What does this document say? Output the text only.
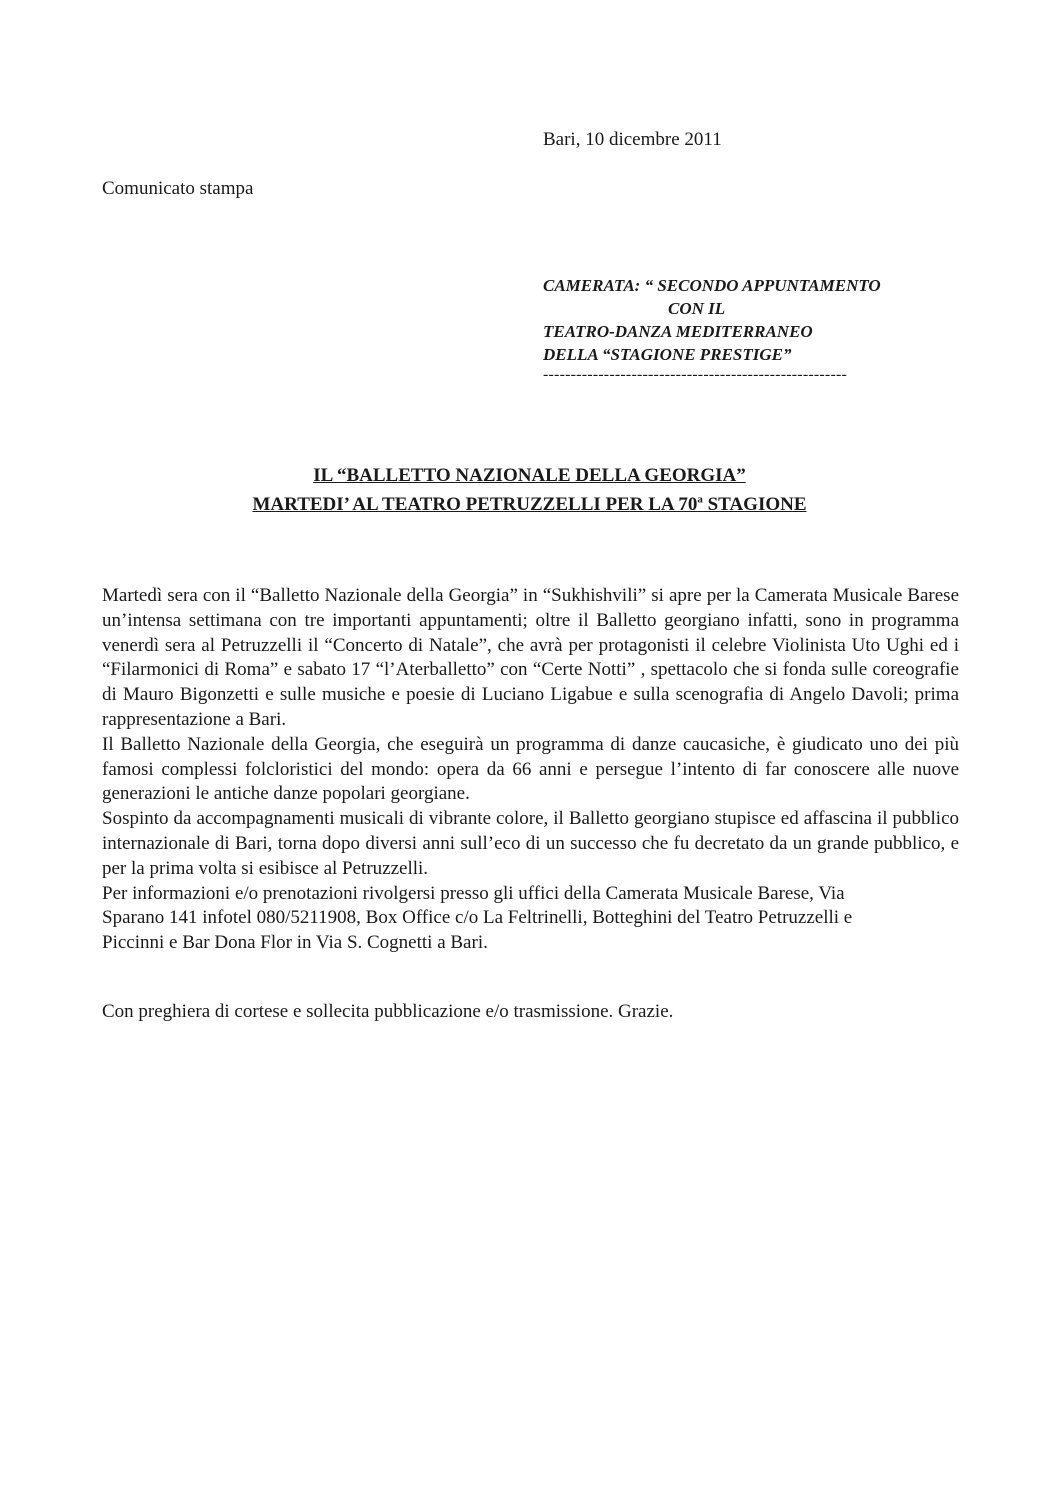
Bari, 10 dicembre 2011
Comunicato stampa
CAMERATA: “ SECONDO APPUNTAMENTO
CON IL
TEATRO-DANZA MEDITERRANEO
DELLA “STAGIONE PRESTIGE”
-------------------------------------------------------
IL “BALLETTO NAZIONALE DELLA GEORGIA”
MARTEDI’ AL TEATRO PETRUZZELLI PER LA 70$^a$ STAGIONE

Martedì sera con il “Balletto Nazionale della Georgia” in “Sukhishvili” si apre per la Camerata Musicale Barese un’intensa settimana con tre importanti appuntamenti; oltre il Balletto georgiano infatti, sono in programma venerdì sera al Petruzzelli il “Concerto di Natale”, che avrà per protagonisti il celebre Violinista Uto Ughi ed i “Filarmonici di Roma” e sabato 17 “l’Aterballetto” con “Certe Notti” , spettacolo che si fonda sulle coreografie di Mauro Bigonzetti e sulle musiche e poesie di Luciano Ligabue e sulla scenografia di Angelo Davoli; prima rappresentazione a Bari.

Il Balletto Nazionale della Georgia, che eseguirà un programma di danze caucasiche, è giudicato uno dei più famosi complessi folcloristici del mondo: opera da 66 anni e persegue l’intento di far conoscere alle nuove generazioni le antiche danze popolari georgiane.

Sospinto da accompagnamenti musicali di vibrante colore, il Balletto georgiano stupisce ed affascina il pubblico internazionale di Bari, torna dopo diversi anni sull’eco di un successo che fu decretato da un grande pubblico, e per la prima volta si esibisce al Petruzzelli.

Per informazioni e/o prenotazioni rivolgersi presso gli uffici della Camerata Musicale Barese, Via
Sparano 141 infotel 080/5211908, Box Office c/o La Feltrinelli, Botteghini del Teatro Petruzzelli e
Piccinni e Bar Dona Flor in Via S. Cognetti a Bari.

Con preghiera di cortese e sollecita pubblicazione e/o trasmissione. Grazie.
